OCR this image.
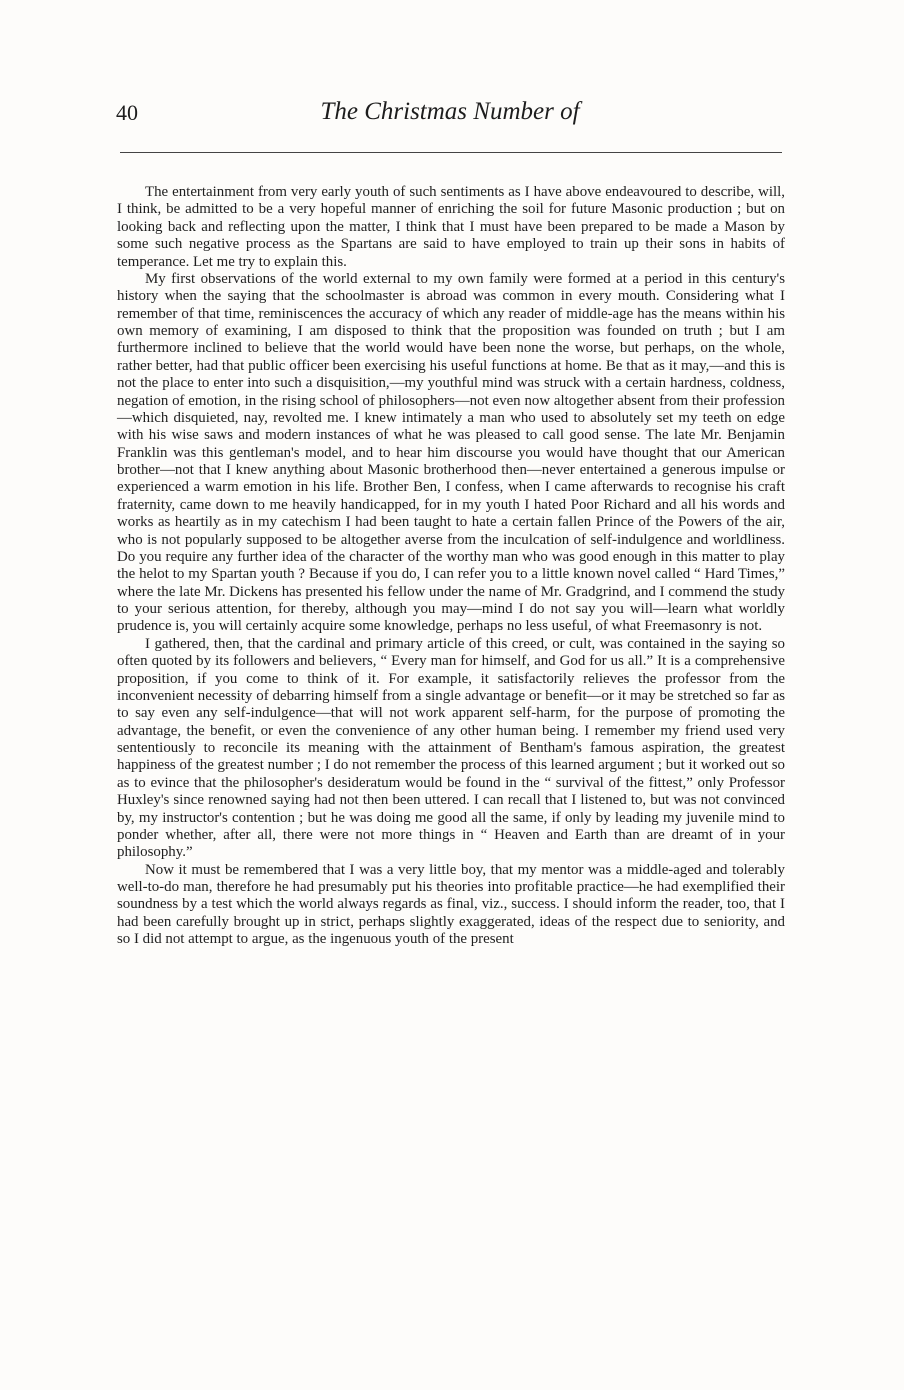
40	The Christmas Number of

The entertainment from very early youth of such sentiments as I have above endeavoured to describe, will, I think, be admitted to be a very hopeful manner of enriching the soil for future Masonic production ; but on looking back and reflecting upon the matter, I think that I must have been prepared to be made a Mason by some such negative process as the Spartans are said to have employed to train up their sons in habits of temperance. Let me try to explain this.

My first observations of the world external to my own family were formed at a period in this century's history when the saying that the schoolmaster is abroad was common in every mouth. Considering what I remember of that time, reminiscences the accuracy of which any reader of middle-age has the means within his own memory of examining, I am disposed to think that the proposition was founded on truth ; but I am furthermore inclined to believe that the world would have been none the worse, but perhaps, on the whole, rather better, had that public officer been exercising his useful functions at home. Be that as it may,—and this is not the place to enter into such a disquisition,—my youthful mind was struck with a certain hardness, coldness, negation of emotion, in the rising school of philosophers—not even now altogether absent from their profession—which disquieted, nay, revolted me. I knew intimately a man who used to absolutely set my teeth on edge with his wise saws and modern instances of what he was pleased to call good sense. The late Mr. Benjamin Franklin was this gentleman's model, and to hear him discourse you would have thought that our American brother—not that I knew anything about Masonic brotherhood then—never entertained a generous impulse or experienced a warm emotion in his life. Brother Ben, I confess, when I came afterwards to recognise his craft fraternity, came down to me heavily handicapped, for in my youth I hated Poor Richard and all his words and works as heartily as in my catechism I had been taught to hate a certain fallen Prince of the Powers of the air, who is not popularly supposed to be altogether averse from the inculcation of self-indulgence and worldliness. Do you require any further idea of the character of the worthy man who was good enough in this matter to play the helot to my Spartan youth ? Because if you do, I can refer you to a little known novel called “ Hard Times,” where the late Mr. Dickens has presented his fellow under the name of Mr. Gradgrind, and I commend the study to your serious attention, for thereby, although you may—mind I do not say you will—learn what worldly prudence is, you will certainly acquire some knowledge, perhaps no less useful, of what Freemasonry is not.

I gathered, then, that the cardinal and primary article of this creed, or cult, was contained in the saying so often quoted by its followers and believers, “ Every man for himself, and God for us all.” It is a comprehensive proposition, if you come to think of it. For example, it satisfactorily relieves the professor from the inconvenient necessity of debarring himself from a single advantage or benefit—or it may be stretched so far as to say even any self-indulgence—that will not work apparent self-harm, for the purpose of promoting the advantage, the benefit, or even the convenience of any other human being. I remember my friend used very sententiously to reconcile its meaning with the attainment of Bentham's famous aspiration, the greatest happiness of the greatest number ; I do not remember the process of this learned argument ; but it worked out so as to evince that the philosopher's desideratum would be found in the “ survival of the fittest,” only Professor Huxley's since renowned saying had not then been uttered. I can recall that I listened to, but was not convinced by, my instructor's contention ; but he was doing me good all the same, if only by leading my juvenile mind to ponder whether, after all, there were not more things in “ Heaven and Earth than are dreamt of in your philosophy.”

Now it must be remembered that I was a very little boy, that my mentor was a middle-aged and tolerably well-to-do man, therefore he had presumably put his theories into profitable practice—he had exemplified their soundness by a test which the world always regards as final, viz., success. I should inform the reader, too, that I had been carefully brought up in strict, perhaps slightly exaggerated, ideas of the respect due to seniority, and so I did not attempt to argue, as the ingenuous youth of the present
